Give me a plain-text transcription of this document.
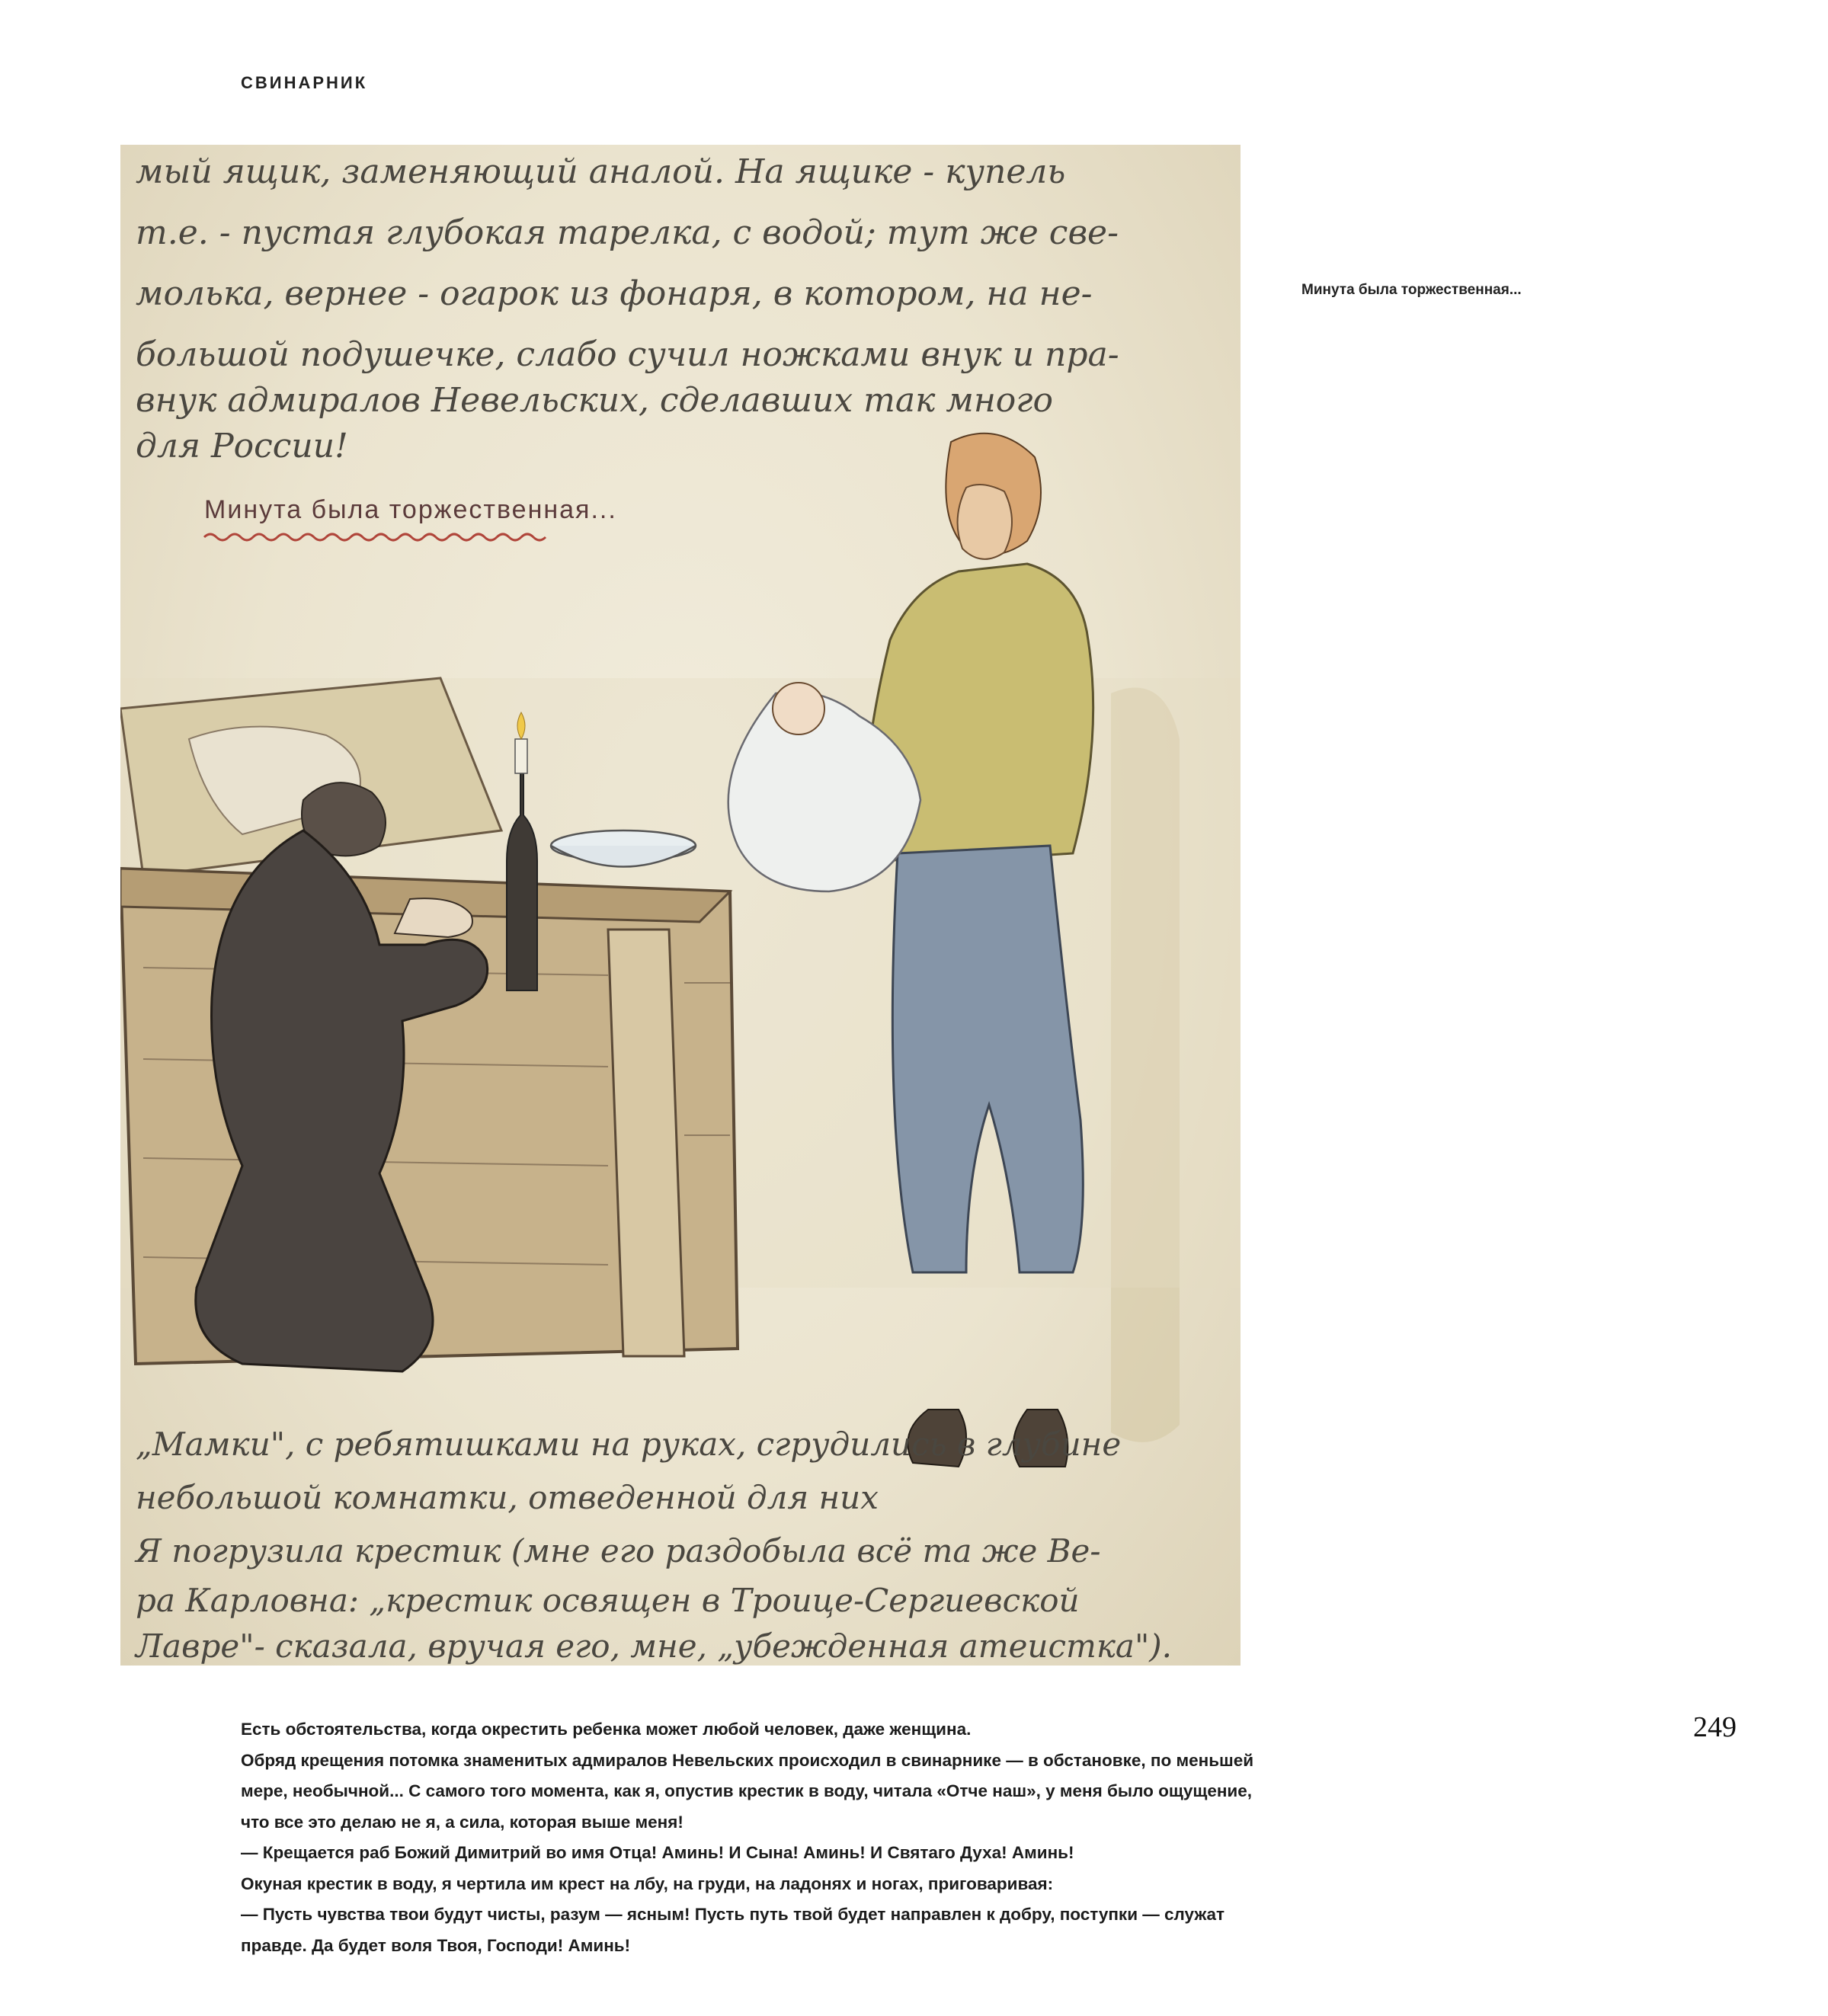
СВИНАРНИК
мый ящик, заменяющий аналой. На ящике - купель
т.е. - пустая глубокая тарелка, с водой; тут же све-
молька, вернее - огарок из фонаря, в котором, на не-
большой подушечке, слабо сучил ножками внук и пра-
внук адмиралов Невельских, сделавших так много
для России!
Минута была торжественная...
„Мамки", с ребятишками на руках, сгрудились в глубине
небольшой комнатки, отведенной для них
Я погрузила крестик (мне его раздобыла всё та же Ве-
ра Карловна: „крестик освящен в Троице-Сергиевской
Лавре"- сказала, вручая его, мне, „убежденная атеистка").
Минута была торжественная...
249

Есть обстоятельства, когда окрестить ребенка может любой человек, даже женщина.

Обряд крещения потомка знаменитых адмиралов Невельских происходил в свинарнике — в обстановке, по меньшей

мере, необычной... С самого того момента, как я, опустив крестик в воду, читала «Отче наш», у меня было ощущение,

что все это делаю не я, а сила, которая выше меня!

— Крещается раб Божий Димитрий во имя Отца! Аминь! И Сына! Аминь! И Святаго Духа! Аминь!

Окуная крестик в воду, я чертила им крест на лбу, на груди, на ладонях и ногах, приговаривая:

— Пусть чувства твои будут чисты, разум — ясным! Пусть путь твой будет направлен к добру, поступки — служат

правде. Да будет воля Твоя, Господи! Аминь!
